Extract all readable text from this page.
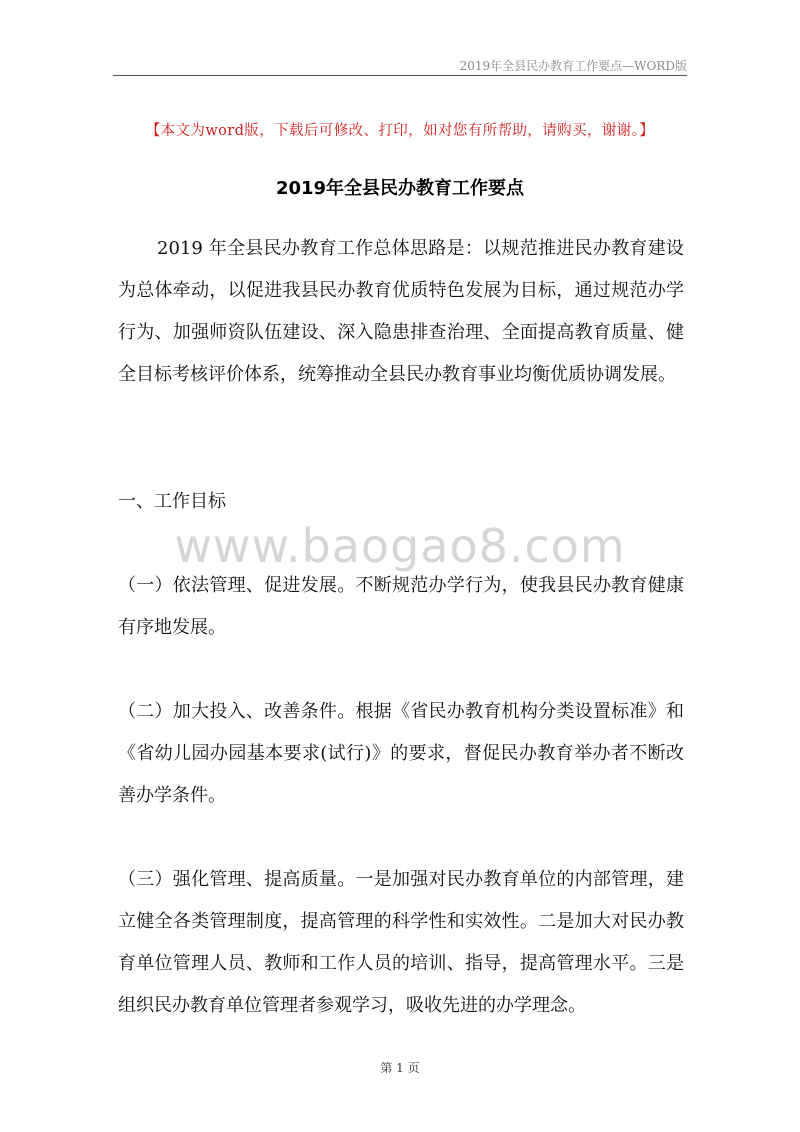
2019年全县民办教育工作要点—WORD版
【本文为word版，下载后可修改、打印，如对您有所帮助，请购买，谢谢。】
2019年全县民办教育工作要点

2019 年全县民办教育工作总体思路是：以规范推进民办教育建设为总体牵动，以促进我县民办教育优质特色发展为目标，通过规范办学行为、加强师资队伍建设、深入隐患排查治理、全面提高教育质量、健全目标考核评价体系，统筹推动全县民办教育事业均衡优质协调发展。

一、工作目标

www.baogao8.com

（一）依法管理、促进发展。不断规范办学行为，使我县民办教育健康有序地发展。

（二）加大投入、改善条件。根据《省民办教育机构分类设置标准》和《省幼儿园办园基本要求(试行)》的要求，督促民办教育举办者不断改善办学条件。

（三）强化管理、提高质量。一是加强对民办教育单位的内部管理，建立健全各类管理制度，提高管理的科学性和实效性。二是加大对民办教育单位管理人员、教师和工作人员的培训、指导，提高管理水平。三是组织民办教育单位管理者参观学习，吸收先进的办学理念。

第 1 页
